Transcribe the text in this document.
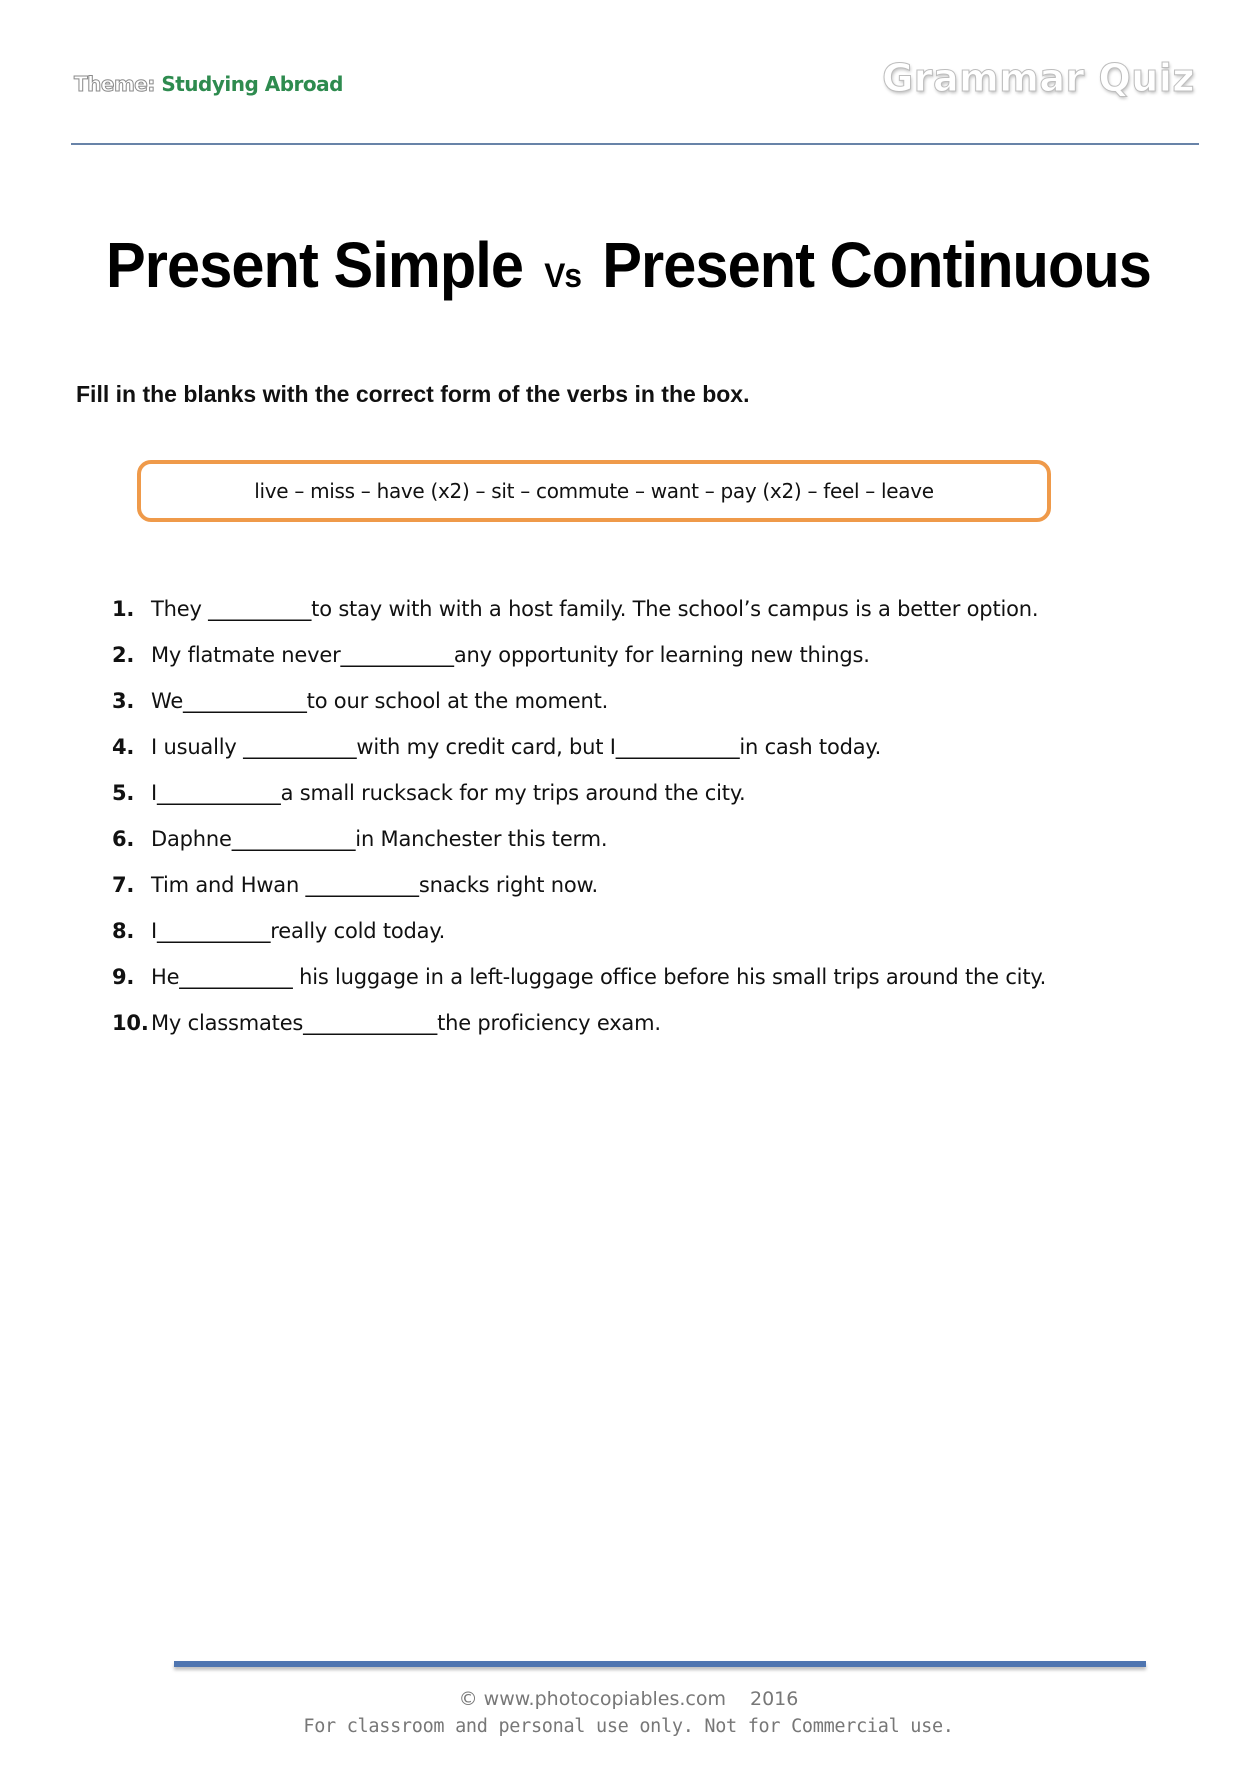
Theme: Studying Abroad	Grammar Quiz
Present Simple Vs Present Continuous
Fill in the blanks with the correct form of the verbs in the box.
live – miss – have (x2) – sit – commute – want – pay (x2) – feel – leave
1. They __________to stay with with a host family. The school’s campus is a better option.
2. My flatmate never___________any opportunity for learning new things.
3. We____________to our school at the moment.
4. I usually ___________with my credit card, but I____________in cash today.
5. I____________a small rucksack for my trips around the city.
6. Daphne____________in Manchester this term.
7. Tim and Hwan ___________snacks right now.
8. I___________really cold today.
9. He___________ his luggage in a left-luggage office before his small trips around the city.
10. My classmates_____________the proficiency exam.
© www.photocopiables.com 2016
For classroom and personal use only. Not for Commercial use.
